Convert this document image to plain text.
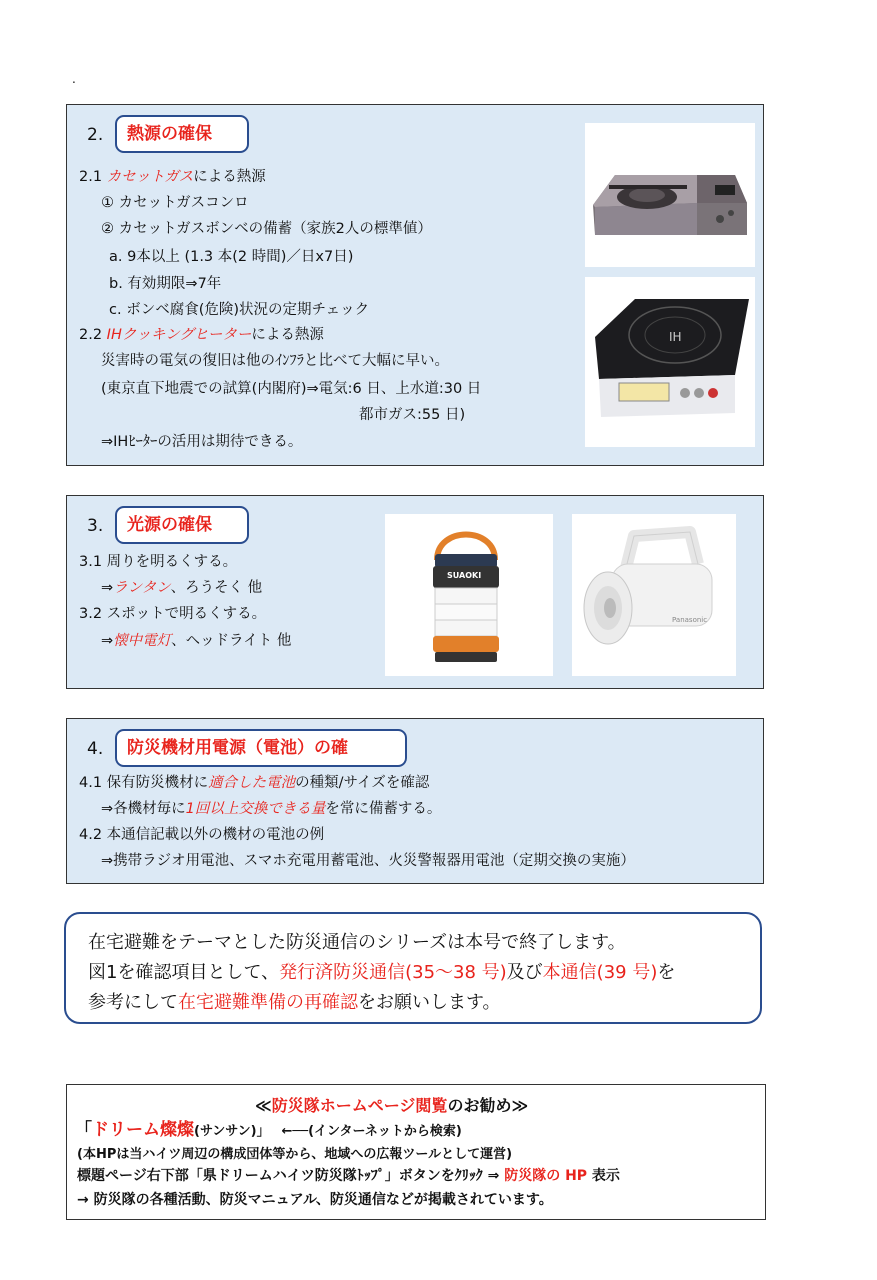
.
2.	熱源の確保
2.1 カセットガスによる熱源
① カセットガスコンロ
② カセットガスボンベの備蓄（家族2人の標準値）
a. 9本以上 (1.3 本(2 時間)／日x7日)
b. 有効期限⇒7年
c. ボンベ腐食(危険)状況の定期チェック
2.2 IHクッキングヒーターによる熱源
災害時の電気の復旧は他のｲﾝﾌﾗと比べて大幅に早い。
(東京直下地震での試算(内閣府)⇒電気:6 日、上水道:30 日
都市ガス:55 日)
⇒IHﾋｰﾀｰの活用は期待できる。
IH
3.	光源の確保
3.1 周りを明るくする。
⇒ランタン、ろうそく 他
3.2 スポットで明るくする。
⇒懐中電灯、ヘッドライト 他
SUAOKI
Panasonic
4.	防災機材用電源（電池）の確
4.1 保有防災機材に適合した電池の種類/サイズを確認
⇒各機材毎に1回以上交換できる量を常に備蓄する。
4.2 本通信記載以外の機材の電池の例
⇒携帯ラジオ用電池、スマホ充電用蓄電池、火災警報器用電池（定期交換の実施）
在宅避難をテーマとした防災通信のシリーズは本号で終了します。
図1を確認項目として、発行済防災通信(35～38 号)及び本通信(39 号)を
参考にして在宅避難準備の再確認をお願いします。
≪防災隊ホームページ閲覧のお勧め≫
「ドリーム燦燦(サンサン)」 ←──(インターネットから検索)
(本HPは当ハイツ周辺の構成団体等から、地域への広報ツールとして運営)
標題ページ右下部「県ドリームハイツ防災隊ﾄｯﾌﾟ」ボタンをｸﾘｯｸ ⇒ 防災隊の HP 表示
→ 防災隊の各種活動、防災マニュアル、防災通信などが掲載されています。
